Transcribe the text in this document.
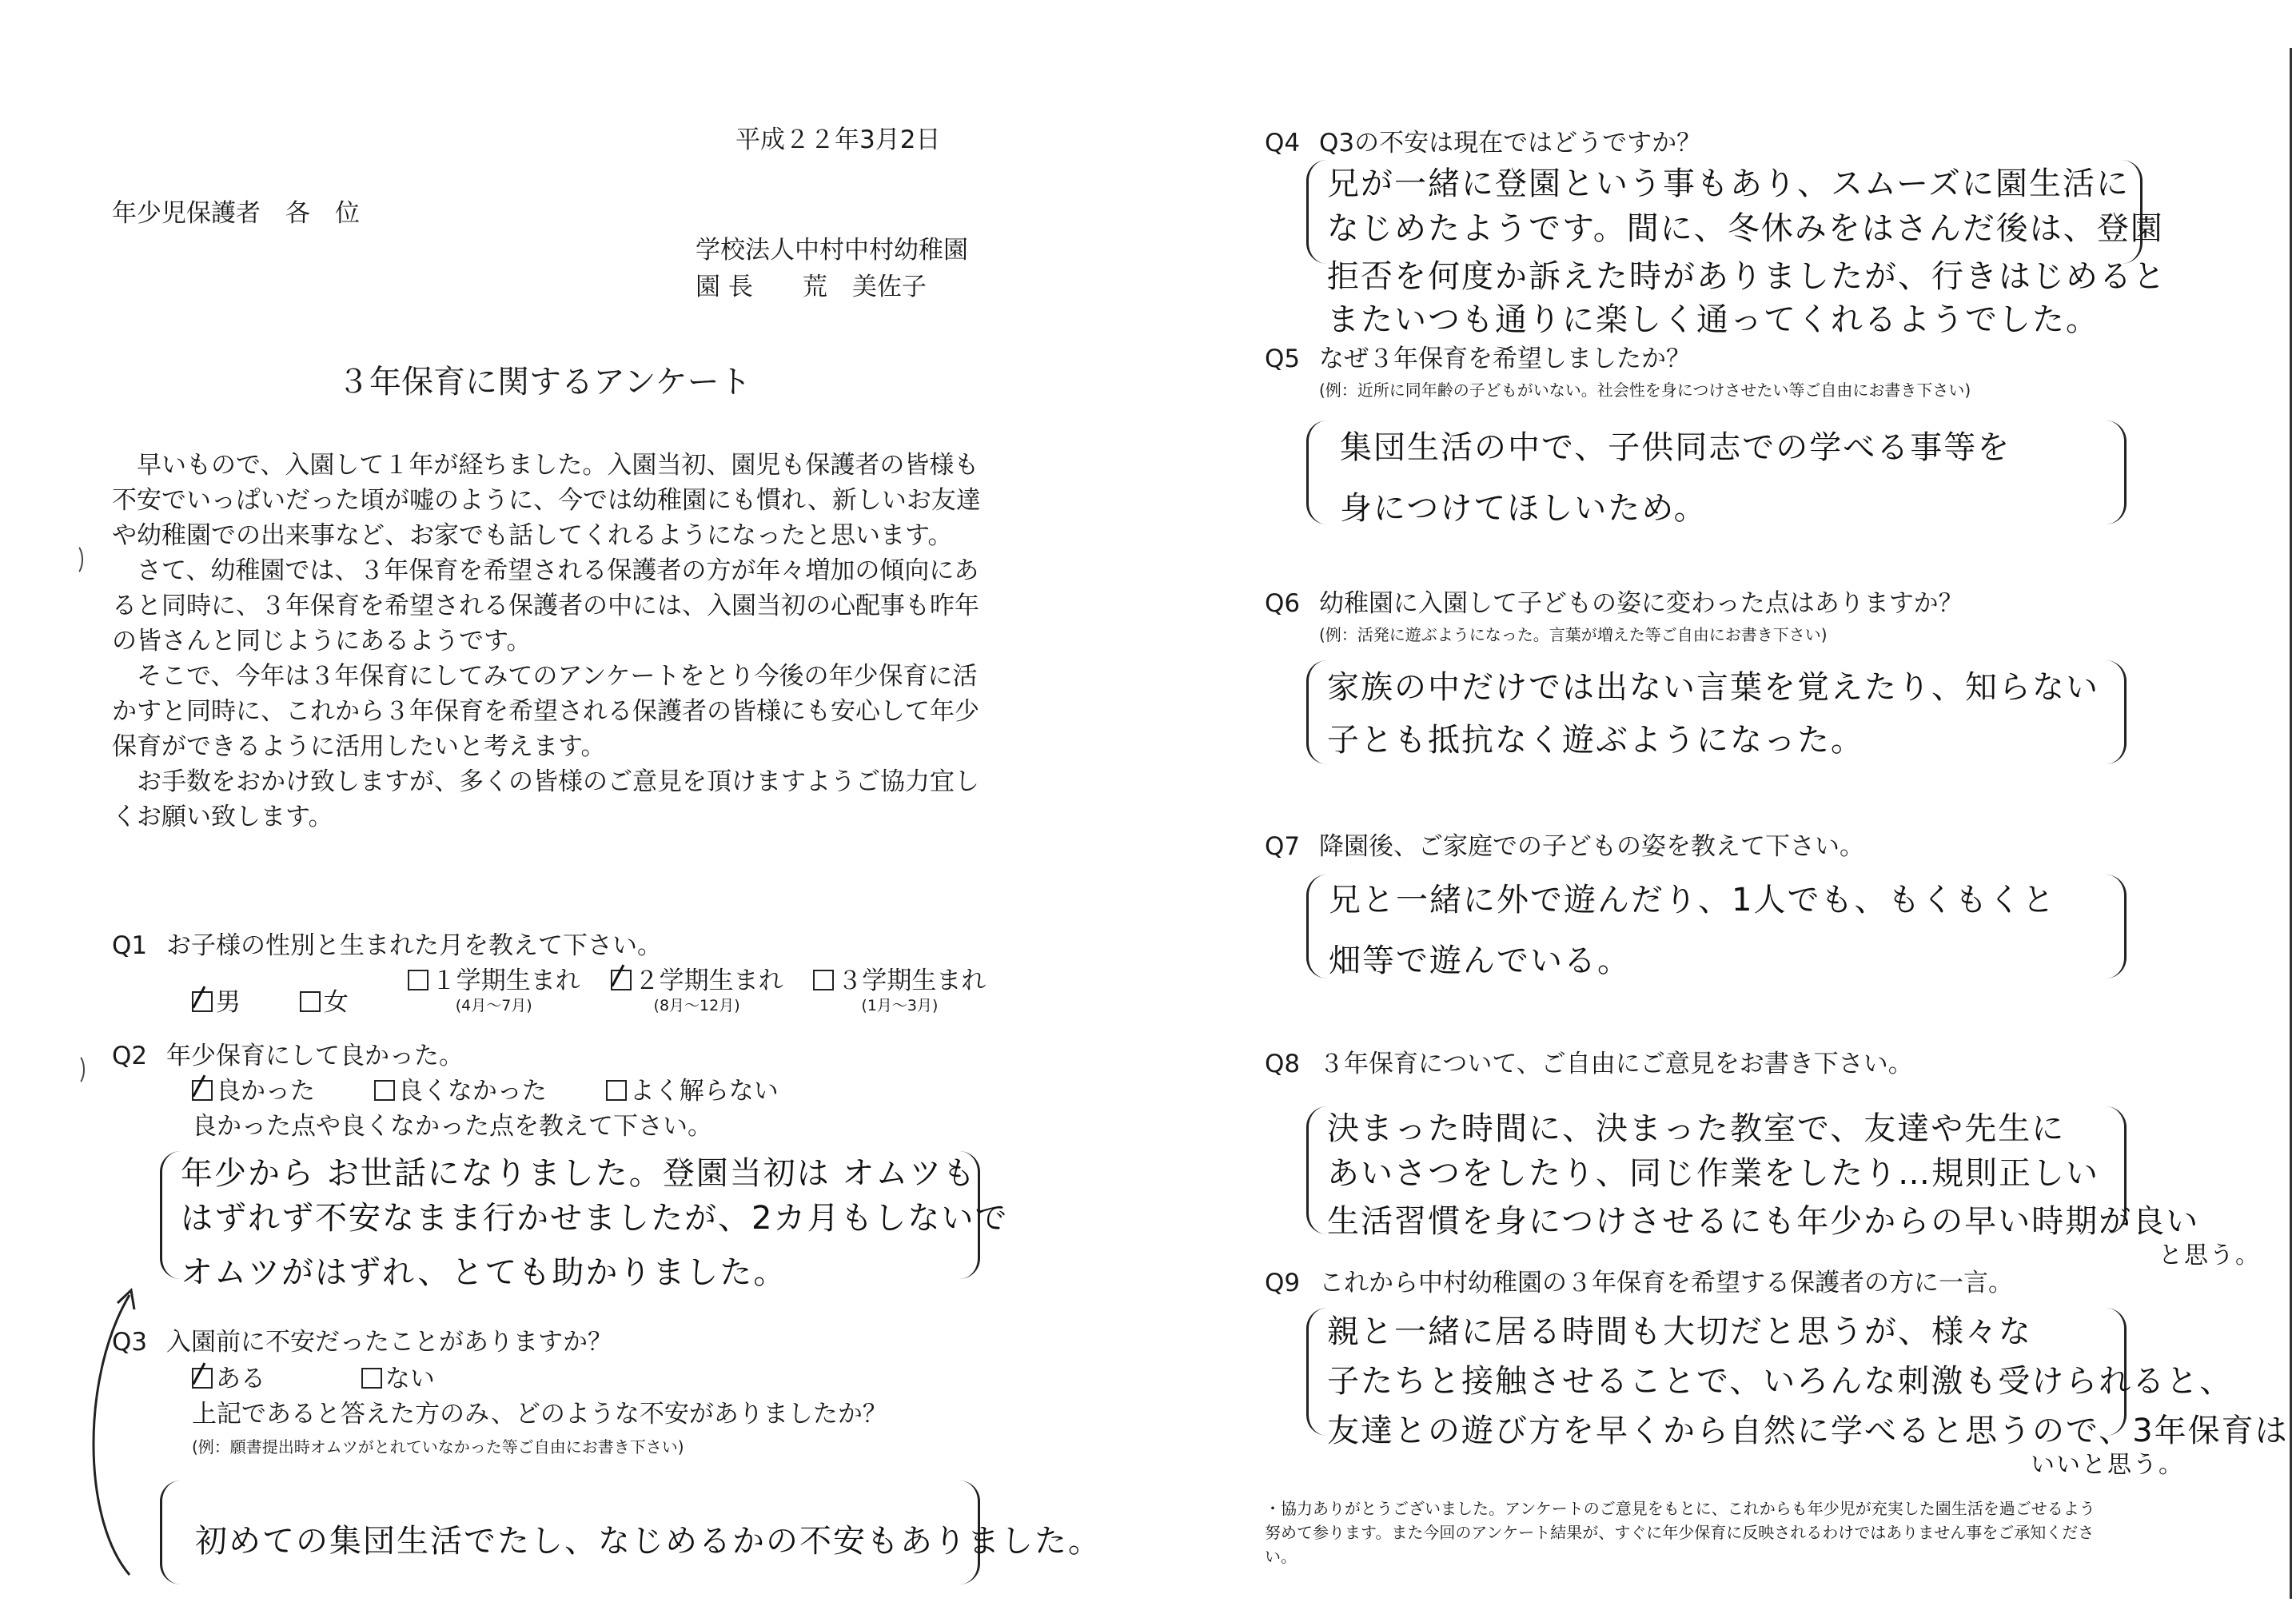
平成２２年3月2日
年少児保護者　各　位
学校法人中村中村幼稚園
園 長　　荒　美佐子
３年保育に関するアンケート

早いもので、入園して１年が経ちました。入園当初、園児も保護者の皆様も不安でいっぱいだった頃が嘘のように、今では幼稚園にも慣れ、新しいお友達や幼稚園での出来事など、お家でも話してくれるようになったと思います。

さて、幼稚園では、３年保育を希望される保護者の方が年々増加の傾向にあると同時に、３年保育を希望される保護者の中には、入園当初の心配事も昨年の皆さんと同じようにあるようです。

そこで、今年は３年保育にしてみてのアンケートをとり今後の年少保育に活かすと同時に、これから３年保育を希望される保護者の皆様にも安心して年少保育ができるように活用したいと考えます。

お手数をおかけ致しますが、多くの皆様のご意見を頂けますようご協力宜しくお願い致します。

Q1 お子様の性別と生まれた月を教えて下さい。
男	女 １学期生まれ
(4月～7月)
２学期生まれ
(8月～12月)
３学期生まれ
(1月～3月)
Q2 年少保育にして良かった。
良かった	良くなかった	よく解らない
良かった点や良くなかった点を教えて下さい。
年少から お世話になりました。登園当初は オムツも
はずれず不安なまま行かせましたが、2カ月もしないで
オムツがはずれ、とても助かりました。
Q3 入園前に不安だったことがありますか？
ある	ない
上記であると答えた方のみ、どのような不安がありましたか？
(例：願書提出時オムツがとれていなかった等ご自由にお書き下さい)
初めての集団生活でたし、なじめるかの不安もありました。
Q4 Q3の不安は現在ではどうですか？
兄が一緒に登園という事もあり、スムーズに園生活に
なじめたようです。間に、冬休みをはさんだ後は、登園
拒否を何度か訴えた時がありましたが、行きはじめると
またいつも通りに楽しく通ってくれるようでした。
Q5 なぜ３年保育を希望しましたか？
(例：近所に同年齢の子どもがいない。社会性を身につけさせたい等ご自由にお書き下さい)
集団生活の中で、子供同志での学べる事等を
身につけてほしいため。
Q6 幼稚園に入園して子どもの姿に変わった点はありますか？
(例：活発に遊ぶようになった。言葉が増えた等ご自由にお書き下さい)
家族の中だけでは出ない言葉を覚えたり、知らない
子とも抵抗なく遊ぶようになった。
Q7 降園後、ご家庭での子どもの姿を教えて下さい。
兄と一緒に外で遊んだり、1人でも、もくもくと
畑等で遊んでいる。
Q8 ３年保育について、ご自由にご意見をお書き下さい。
決まった時間に、決まった教室で、友達や先生に
あいさつをしたり、同じ作業をしたり…規則正しい
生活習慣を身につけさせるにも年少からの早い時期が良い
と思う。
Q9 これから中村幼稚園の３年保育を希望する保護者の方に一言。
親と一緒に居る時間も大切だと思うが、様々な
子たちと接触させることで、いろんな刺激も受けられると、
友達との遊び方を早くから自然に学べると思うので、3年保育は
いいと思う。
・協力ありがとうございました。アンケートのご意見をもとに、これからも年少児が充実した園生活を過ごせるよう努めて参ります。また今回のアンケート結果が、すぐに年少保育に反映されるわけではありません事をご承知ください。
